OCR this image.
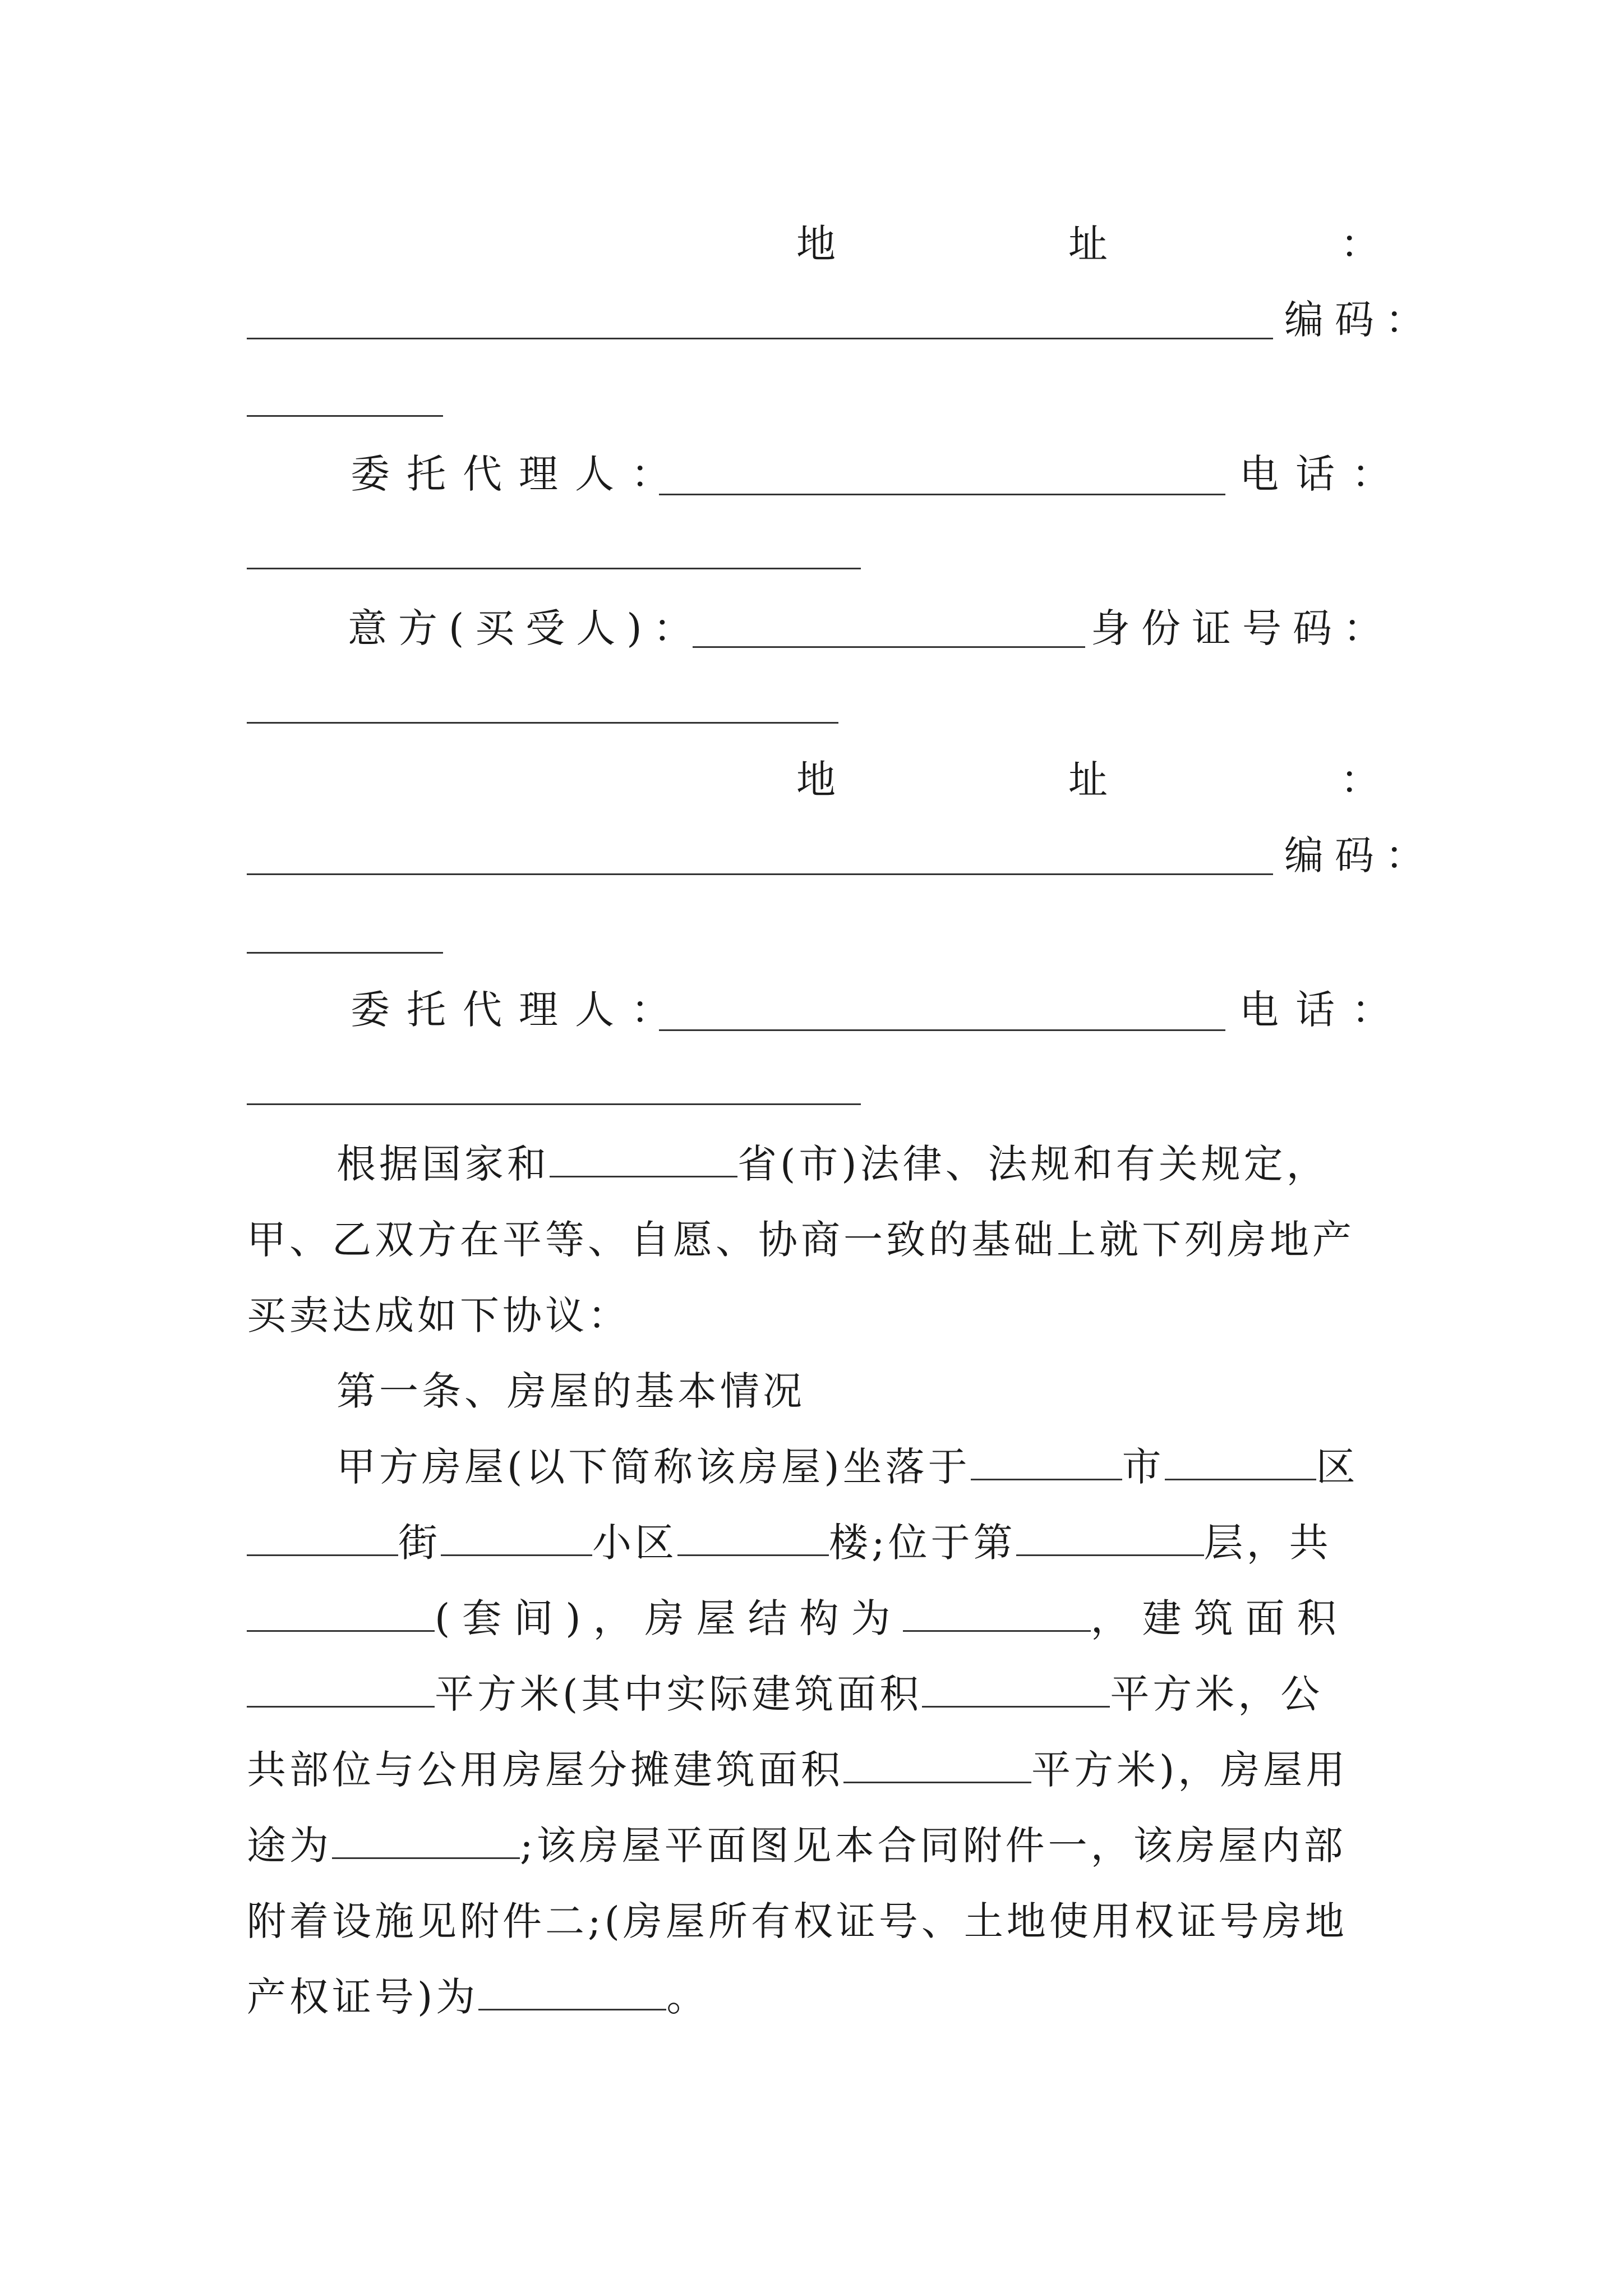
地	址	：
编码：
委托代理人：	电话：
意方(买受人)：	身份证号码：
地	址	：
编码：
委托代理人：	电话：
根据国家和	省(市)法律、法规和有关规定，
甲、乙双方在平等、自愿、协商一致的基础上就下列房地产
买卖达成如下协议：
第一条、房屋的基本情况
甲方房屋(以下简称该房屋)坐落于	市	区
街	小区	楼;位于第	层，共
(套间)，房屋结构为	，建筑面积
平方米(其中实际建筑面积	平方米，公
共部位与公用房屋分摊建筑面积	平方米)，房屋用
途为	;该房屋平面图见本合同附件一，该房屋内部
附着设施见附件二;(房屋所有权证号、土地使用权证号房地
产权证号)为	。
